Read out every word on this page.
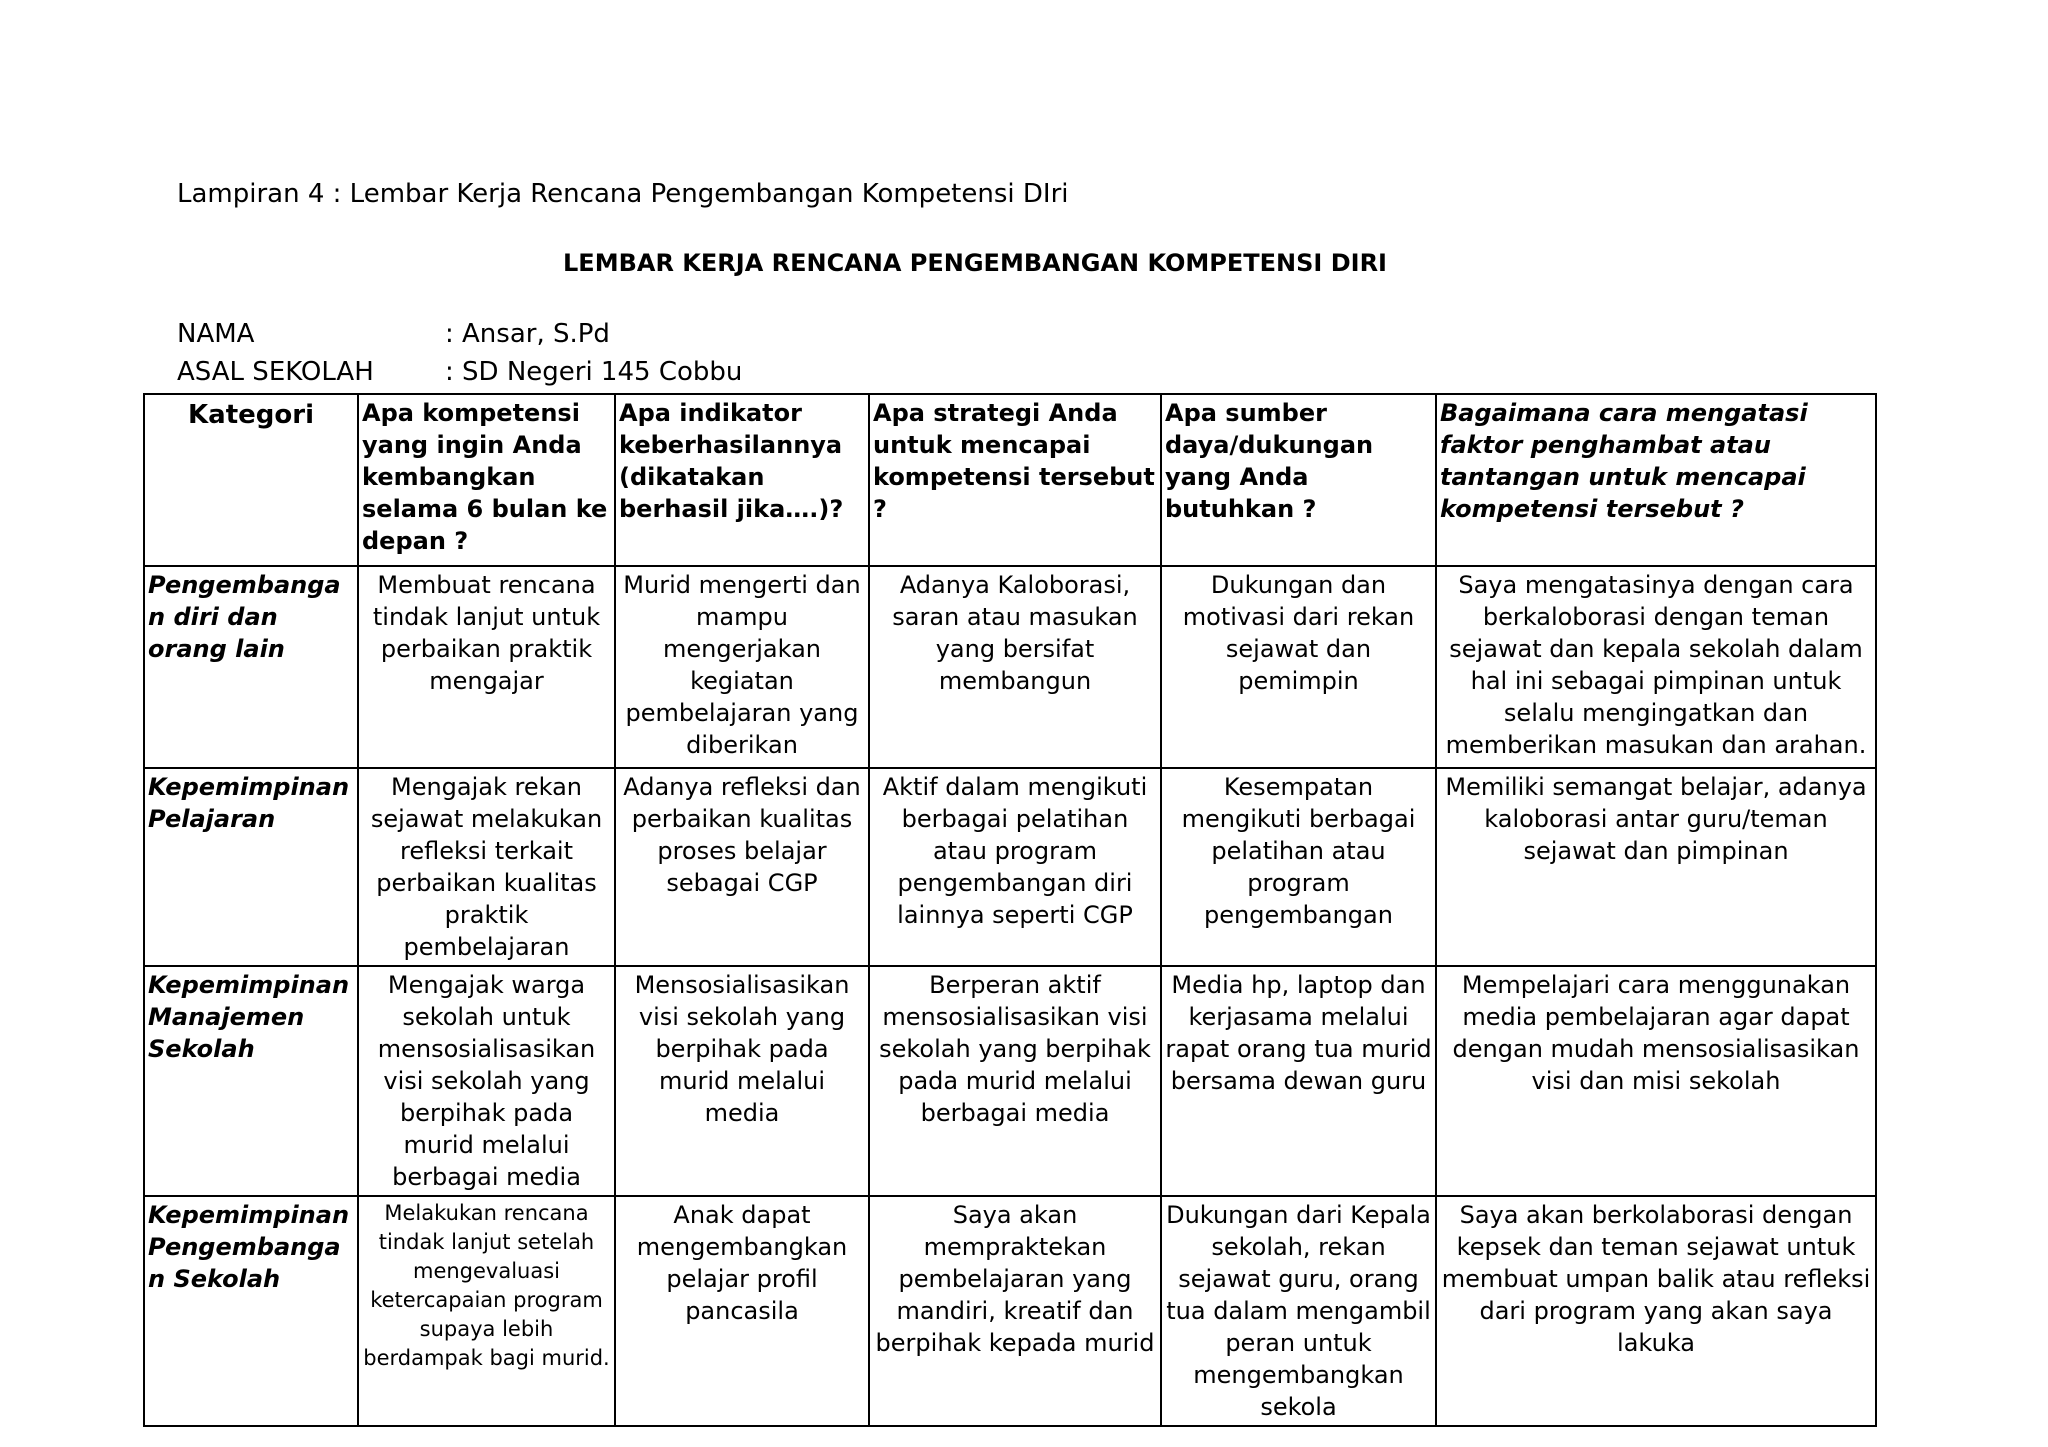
Lampiran 4 : Lembar Kerja Rencana Pengembangan Kompetensi DIri
LEMBAR KERJA RENCANA PENGEMBANGAN KOMPETENSI DIRI
NAMA	: Ansar, S.Pd
ASAL SEKOLAH	: SD Negeri 145 Cobbu
Kategori	Apa kompetensi yang ingin Anda kembangkan selama 6 bulan ke depan ?	Apa indikator keberhasilannya (dikatakan berhasil jika….)?	Apa strategi Anda untuk mencapai kompetensi tersebut ?	Apa sumber daya/dukungan yang Anda butuhkan ?	Bagaimana cara mengatasi faktor penghambat atau tantangan untuk mencapai kompetensi tersebut ?
Pengembangan diri dan orang lain	Membuat rencana tindak lanjut untuk perbaikan praktik mengajar	Murid mengerti dan mampu mengerjakan kegiatan pembelajaran yang diberikan	Adanya Kaloborasi, saran atau masukan yang bersifat membangun	Dukungan dan motivasi dari rekan sejawat dan pemimpin	Saya mengatasinya dengan cara berkaloborasi dengan teman sejawat dan kepala sekolah dalam hal ini sebagai pimpinan untuk selalu mengingatkan dan memberikan masukan dan arahan.
Kepemimpinan Pelajaran	Mengajak rekan sejawat melakukan refleksi terkait perbaikan kualitas praktik pembelajaran	Adanya refleksi dan perbaikan kualitas proses belajar sebagai CGP	Aktif dalam mengikuti berbagai pelatihan atau program pengembangan diri lainnya seperti CGP	Kesempatan mengikuti berbagai pelatihan atau program pengembangan	Memiliki semangat belajar, adanya kaloborasi antar guru/teman sejawat dan pimpinan
Kepemimpinan Manajemen Sekolah	Mengajak warga sekolah untuk mensosialisasikan visi sekolah yang berpihak pada murid melalui berbagai media	Mensosialisasikan visi sekolah yang berpihak pada murid melalui media	Berperan aktif mensosialisasikan visi sekolah yang berpihak pada murid melalui berbagai media	Media hp, laptop dan kerjasama melalui rapat orang tua murid bersama dewan guru	Mempelajari cara menggunakan media pembelajaran agar dapat dengan mudah mensosialisasikan visi dan misi sekolah
Kepemimpinan Pengembangan Sekolah	Melakukan rencana tindak lanjut setelah mengevaluasi ketercapaian program supaya lebih berdampak bagi murid.	Anak dapat mengembangkan pelajar profil pancasila	Saya akan mempraktekan pembelajaran yang mandiri, kreatif dan berpihak kepada murid	Dukungan dari Kepala sekolah, rekan sejawat guru, orang tua dalam mengambil peran untuk mengembangkan sekola	Saya akan berkolaborasi dengan kepsek dan teman sejawat untuk membuat umpan balik atau refleksi dari program yang akan saya lakuka
